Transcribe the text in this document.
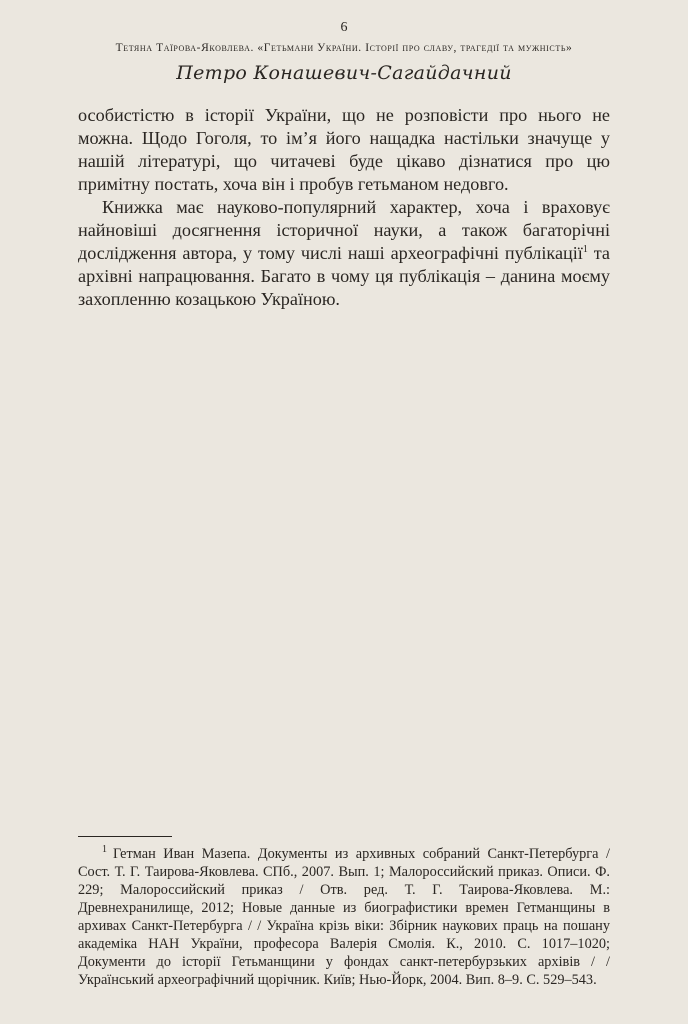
6
Тетяна Таїрова-Яковлева. «Гетьмани України. Історії про славу, трагедії та мужність»
Петро Конашевич-Сагайдачний

особистістю в історії України, що не розповісти про нього не можна. Щодо Гоголя, то ім’я його нащадка настільки значуще у нашій літературі, що читачеві буде цікаво дізнатися про цю примітну постать, хоча він і пробув гетьманом недовго.

Книжка має науково-популярний характер, хоча і враховує найновіші досягнення історичної науки, а також багаторічні дослідження автора, у тому числі наші археографічні публікації$^1$ та архівні напрацювання. Багато в чому ця публікація – данина моєму захопленню козацькою Україною.

$^1$ Гетман Иван Мазепа. Документы из архивных собраний Санкт-Петербурга / Сост. Т. Г. Таирова-Яковлева. СПб., 2007. Вып. 1; Малороссийский приказ. Описи. Ф. 229; Малороссийский приказ / Отв. ред. Т. Г. Таирова-Яковлева. М.: Древнехранилище, 2012; Новые данные из биографистики времен Гетманщины в архивах Санкт-Петербурга / / Україна крізь віки: Збірник наукових праць на пошану академіка НАН України, професора Валерія Смолія. К., 2010. С. 1017–1020; Документи до історії Гетьманщини у фондах санкт-петербурзьких архівів / / Український археографічний щорічник. Київ; Нью-Йорк, 2004. Вип. 8–9. С. 529–543.
